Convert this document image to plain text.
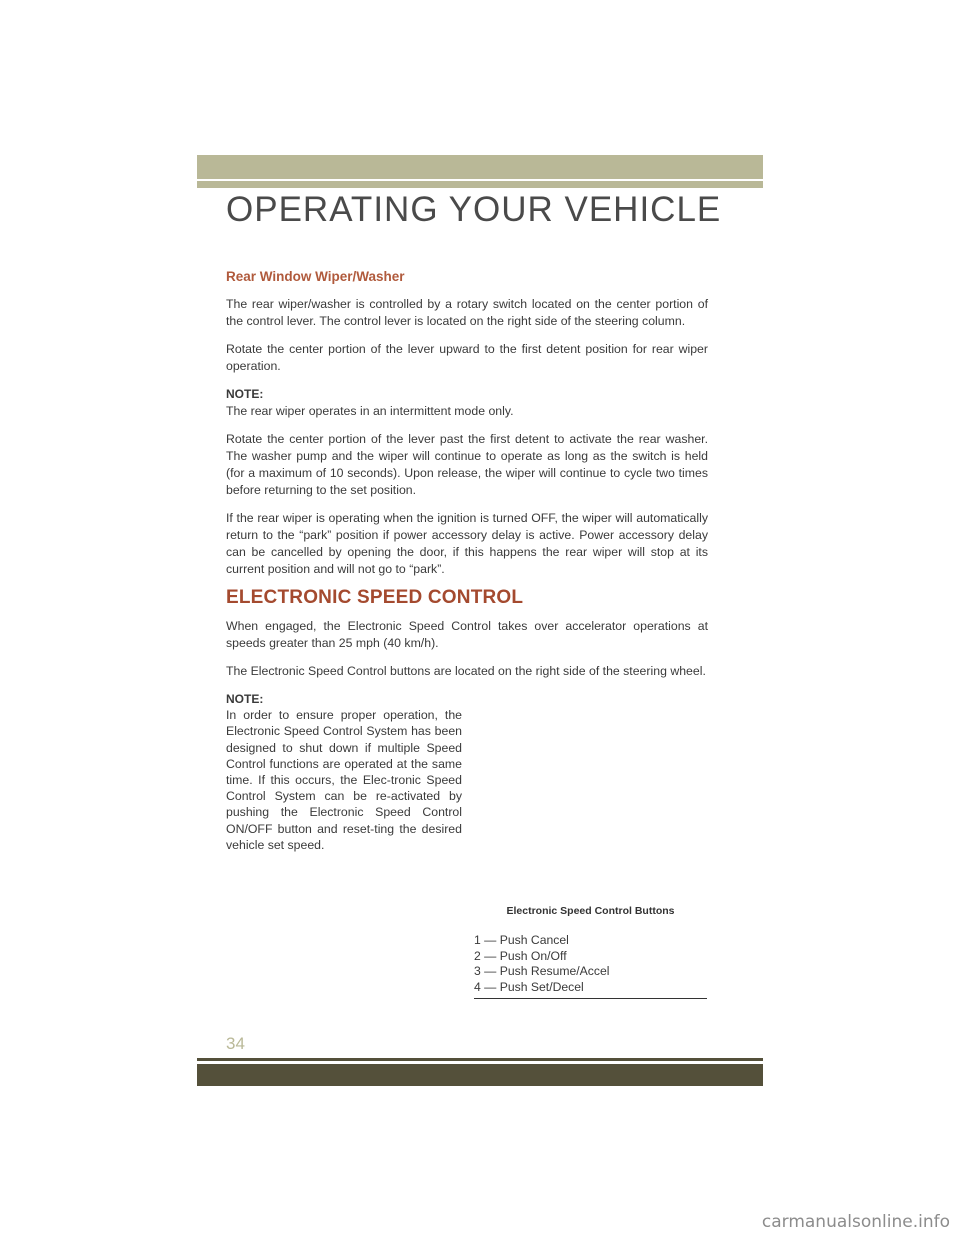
OPERATING YOUR VEHICLE
Rear Window Wiper/Washer

The rear wiper/washer is controlled by a rotary switch located on the center portion of the control lever. The control lever is located on the right side of the steering column.

Rotate the center portion of the lever upward to the first detent position for rear wiper operation.

NOTE:
The rear wiper operates in an intermittent mode only.

Rotate the center portion of the lever past the first detent to activate the rear washer. The washer pump and the wiper will continue to operate as long as the switch is held (for a maximum of 10 seconds). Upon release, the wiper will continue to cycle two times before returning to the set position.

If the rear wiper is operating when the ignition is turned OFF, the wiper will automatically return to the “park” position if power accessory delay is active. Power accessory delay can be cancelled by opening the door, if this happens the rear wiper will stop at its current position and will not go to “park”.

ELECTRONIC SPEED CONTROL

When engaged, the Electronic Speed Control takes over accelerator operations at speeds greater than 25 mph (40 km/h).

The Electronic Speed Control buttons are located on the right side of the steering wheel.

NOTE:
In order to ensure proper operation, the Electronic Speed Control System has been designed to shut down if multiple Speed Control functions are operated at the same time. If this occurs, the Elec-tronic Speed Control System can be re-activated by pushing the Electronic Speed Control ON/OFF button and reset-ting the desired vehicle set speed.
Electronic Speed Control Buttons
1 — Push Cancel
2 — Push On/Off
3 — Push Resume/Accel
4 — Push Set/Decel
34
carmanualsonline.info
